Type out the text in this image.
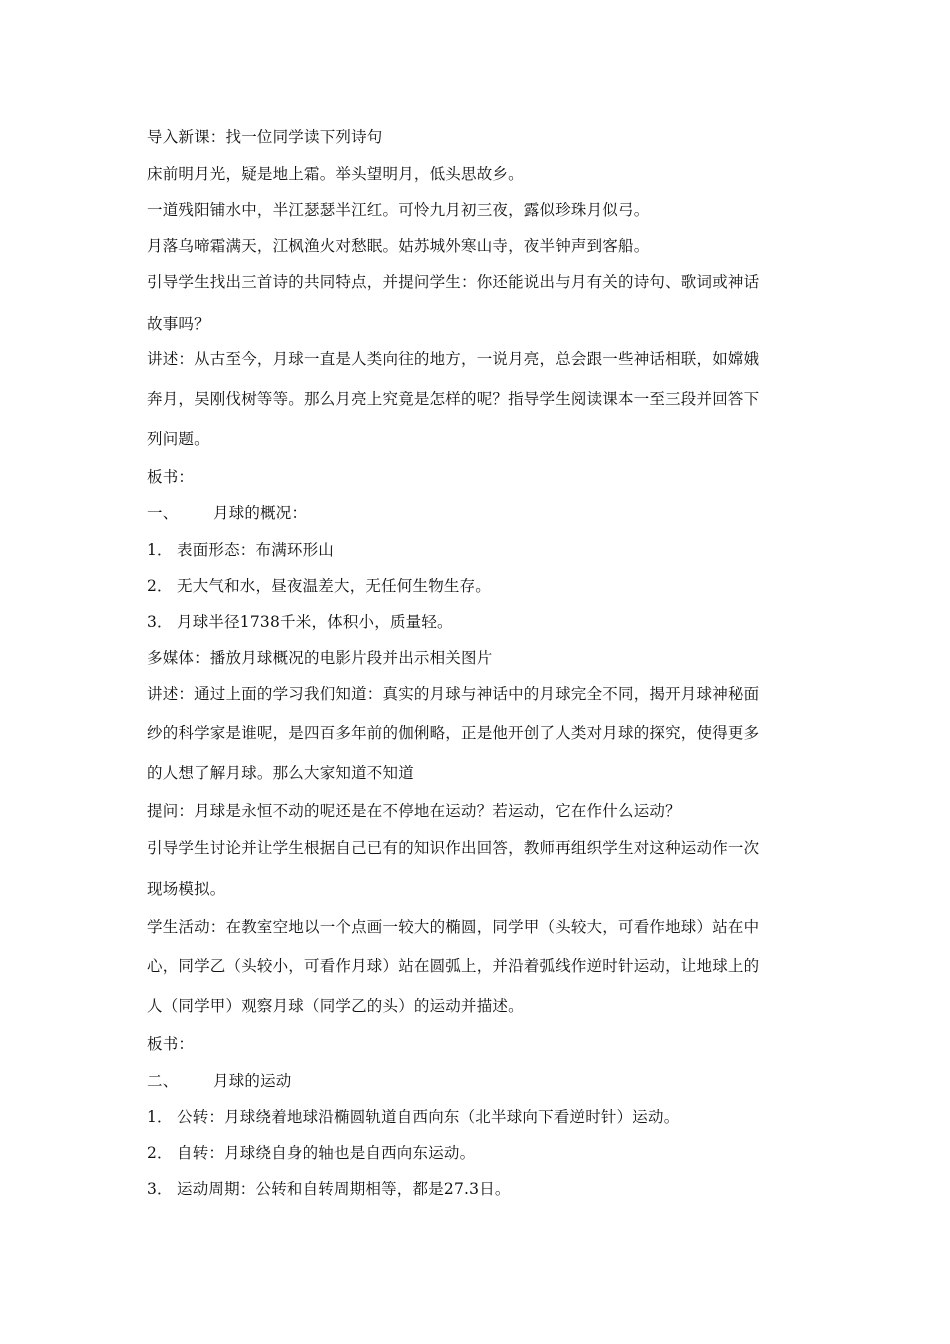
导入新课：找一位同学读下列诗句
床前明月光，疑是地上霜。举头望明月，低头思故乡。
一道残阳铺水中，半江瑟瑟半江红。可怜九月初三夜，露似珍珠月似弓。
月落乌啼霜满天，江枫渔火对愁眠。姑苏城外寒山寺，夜半钟声到客船。
引导学生找出三首诗的共同特点，并提问学生：你还能说出与月有关的诗句、歌词或神话
故事吗？
讲述：从古至今，月球一直是人类向往的地方，一说月亮，总会跟一些神话相联，如嫦娥
奔月，吴刚伐树等等。那么月亮上究竟是怎样的呢？指导学生阅读课本一至三段并回答下
列问题。
板书：
一、 月球的概况：
1． 表面形态：布满环形山
2． 无大气和水，昼夜温差大，无任何生物生存。
3． 月球半径1738千米，体积小，质量轻。
多媒体：播放月球概况的电影片段并出示相关图片
讲述：通过上面的学习我们知道：真实的月球与神话中的月球完全不同，揭开月球神秘面
纱的科学家是谁呢，是四百多年前的伽俐略，正是他开创了人类对月球的探究，使得更多
的人想了解月球。那么大家知道不知道
提问：月球是永恒不动的呢还是在不停地在运动？若运动，它在作什么运动？
引导学生讨论并让学生根据自己已有的知识作出回答，教师再组织学生对这种运动作一次
现场模拟。
学生活动：在教室空地以一个点画一较大的椭圆，同学甲（头较大，可看作地球）站在中
心，同学乙（头较小，可看作月球）站在圆弧上，并沿着弧线作逆时针运动，让地球上的
人（同学甲）观察月球（同学乙的头）的运动并描述。
板书：
二、 月球的运动
1． 公转：月球绕着地球沿椭圆轨道自西向东（北半球向下看逆时针）运动。
2． 自转：月球绕自身的轴也是自西向东运动。
3． 运动周期：公转和自转周期相等，都是27.3日。
